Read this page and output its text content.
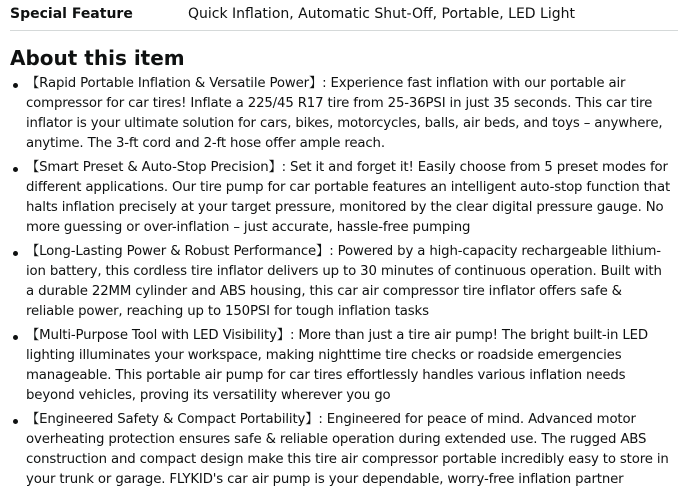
Special Feature	Quick Inflation, Automatic Shut-Off, Portable, LED Light
About this item
【Rapid Portable Inflation & Versatile Power】: Experience fast inflation with our portable air compressor for car tires! Inflate a 225/45 R17 tire from 25-36PSI in just 35 seconds. This car tire inflator is your ultimate solution for cars, bikes, motorcycles, balls, air beds, and toys – anywhere, anytime. The 3-ft cord and 2-ft hose offer ample reach.
【Smart Preset & Auto-Stop Precision】: Set it and forget it! Easily choose from 5 preset modes for different applications. Our tire pump for car portable features an intelligent auto-stop function that halts inflation precisely at your target pressure, monitored by the clear digital pressure gauge. No more guessing or over-inflation – just accurate, hassle-free pumping
【Long-Lasting Power & Robust Performance】: Powered by a high-capacity rechargeable lithium-ion battery, this cordless tire inflator delivers up to 30 minutes of continuous operation. Built with a durable 22MM cylinder and ABS housing, this car air compressor tire inflator offers safe & reliable power, reaching up to 150PSI for tough inflation tasks
【Multi-Purpose Tool with LED Visibility】: More than just a tire air pump! The bright built-in LED lighting illuminates your workspace, making nighttime tire checks or roadside emergencies manageable. This portable air pump for car tires effortlessly handles various inflation needs beyond vehicles, proving its versatility wherever you go
【Engineered Safety & Compact Portability】: Engineered for peace of mind. Advanced motor overheating protection ensures safe & reliable operation during extended use. The rugged ABS construction and compact design make this tire air compressor portable incredibly easy to store in your trunk or garage. FLYKID's car air pump is your dependable, worry-free inflation partner
